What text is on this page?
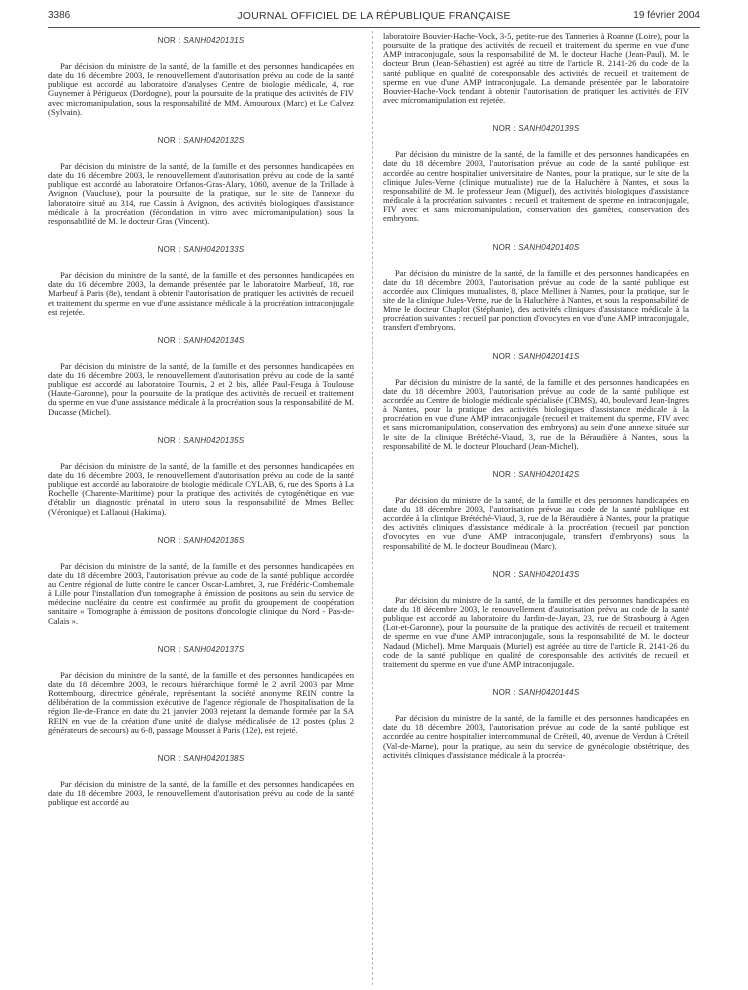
3386	JOURNAL OFFICIEL DE LA RÉPUBLIQUE FRANÇAISE	19 février 2004
NOR : SANH0420131S

Par décision du ministre de la santé, de la famille et des personnes handicapées en date du 16 décembre 2003, le renouvellement d'autorisation prévu au code de la santé publique est accordé au laboratoire d'analyses Centre de biologie médicale, 4, rue Guynemer à Périgueux (Dordogne), pour la poursuite de la pratique des activités de FIV avec micromanipulation, sous la responsabilité de MM. Amouroux (Marc) et Le Calvez (Sylvain).

NOR : SANH0420132S

Par décision du ministre de la santé, de la famille et des personnes handicapées en date du 16 décembre 2003, le renouvellement d'autorisation prévu au code de la santé publique est accordé au laboratoire Orfanos-Gras-Alary, 1060, avenue de la Trillade à Avignon (Vaucluse), pour la poursuite de la pratique, sur le site de l'annexe du laboratoire situé au 314, rue Cassin à Avignon, des activités biologiques d'assistance médicale à la procréation (fécondation in vitro avec micromanipulation) sous la responsabilité de M. le docteur Gras (Vincent).

NOR : SANH0420133S

Par décision du ministre de la santé, de la famille et des personnes handicapées en date du 16 décembre 2003, la demande présentée par le laboratoire Marbeuf, 18, rue Marbeuf à Paris (8e), tendant à obtenir l'autorisation de pratiquer les activités de recueil et traitement du sperme en vue d'une assistance médicale à la procréation intraconjugale est rejetée.

NOR : SANH0420134S

Par décision du ministre de la santé, de la famille et des personnes handicapées en date du 16 décembre 2003, le renouvellement d'autorisation prévu au code de la santé publique est accordé au laboratoire Tournis, 2 et 2 bis, allée Paul-Feuga à Toulouse (Haute-Garonne), pour la poursuite de la pratique des activités de recueil et traitement du sperme en vue d'une assistance médicale à la procréation sous la responsabilité de M. Ducasse (Michel).

NOR : SANH0420135S

Par décision du ministre de la santé, de la famille et des personnes handicapées en date du 16 décembre 2003, le renouvellement d'autorisation prévu au code de la santé publique est accordé au laboratoire de biologie médicale CYLAB, 6, rue des Sports à La Rochelle (Charente-Maritime) pour la pratique des activités de cytogénétique en vue d'établir un diagnostic prénatal in utero sous la responsabilité de Mmes Bellec (Véronique) et Lallaoui (Hakima).

NOR : SANH0420136S

Par décision du ministre de la santé, de la famille et des personnes handicapées en date du 18 décembre 2003, l'autorisation prévue au code de la santé publique accordée au Centre régional de lutte contre le cancer Oscar-Lambret, 3, rue Frédéric-Combemale à Lille pour l'installation d'un tomographe à émission de positons au sein du service de médecine nucléaire du centre est confirmée au profit du groupement de coopération sanitaire « Tomographe à émission de positons d'oncologie clinique du Nord - Pas-de-Calais ».

NOR : SANH0420137S

Par décision du ministre de la santé, de la famille et des personnes handicapées en date du 18 décembre 2003, le recours hiérarchique formé le 2 avril 2003 par Mme Rottembourg, directrice générale, représentant la société anonyme REIN contre la délibération de la commission exécutive de l'agence régionale de l'hospitalisation de la région Ile-de-France en date du 21 janvier 2003 rejetant la demande formée par la SA REIN en vue de la création d'une unité de dialyse médicalisée de 12 postes (plus 2 générateurs de secours) au 6-8, passage Mousset à Paris (12e), est rejeté.

NOR : SANH0420138S

Par décision du ministre de la santé, de la famille et des personnes handicapées en date du 18 décembre 2003, le renouvellement d'autorisation prévu au code de la santé publique est accordé au

laboratoire Bouvier-Hache-Vock, 3-5, petite-rue des Tanneries à Roanne (Loire), pour la poursuite de la pratique des activités de recueil et traitement du sperme en vue d'une AMP intraconjugale, sous la responsabilité de M. le docteur Hache (Jean-Paul). M. le docteur Brun (Jean-Sébastien) est agréé au titre de l'article R. 2141-26 du code de la santé publique en qualité de coresponsable des activités de recueil et traitement de sperme en vue d'une AMP intraconjugale. La demande présentée par le laboratoire Bouvier-Hache-Vock tendant à obtenir l'autorisation de pratiquer les activités de FIV avec micromanipulation est rejetée.

NOR : SANH0420139S

Par décision du ministre de la santé, de la famille et des personnes handicapées en date du 18 décembre 2003, l'autorisation prévue au code de la santé publique est accordée au centre hospitalier universitaire de Nantes, pour la pratique, sur le site de la clinique Jules-Verne (clinique mutualiste) rue de la Haluchère à Nantes, et sous la responsabilité de M. le professeur Jean (Miguel), des activités biologiques d'assistance médicale à la procréation suivantes : recueil et traitement de sperme en intraconjugale, FIV avec et sans micromanipulation, conservation des gamètes, conservation des embryons.

NOR : SANH0420140S

Par décision du ministre de la santé, de la famille et des personnes handicapées en date du 18 décembre 2003, l'autorisation prévue au code de la santé publique est accordée aux Cliniques mutualistes, 8, place Mellinet à Nantes, pour la pratique, sur le site de la clinique Jules-Verne, rue de la Haluchère à Nantes, et sous la responsabilité de Mme le docteur Chaplot (Stéphanie), des activités cliniques d'assistance médicale à la procréation suivantes : recueil par ponction d'ovocytes en vue d'une AMP intraconjugale, transfert d'embryons.

NOR : SANH0420141S

Par décision du ministre de la santé, de la famille et des personnes handicapées en date du 18 décembre 2003, l'autorisation prévue au code de la santé publique est accordée au Centre de biologie médicale spécialisée (CBMS), 40, boulevard Jean-Ingres à Nantes, pour la pratique des activités biologiques d'assistance médicale à la procréation en vue d'une AMP intraconjugale (recueil et traitement du sperme, FIV avec et sans micromanipulation, conservation des embryons) au sein d'une annexe située sur le site de la clinique Brétéché-Viaud, 3, rue de la Béraudière à Nantes, sous la responsabilité de M. le docteur Plouchard (Jean-Michel).

NOR : SANH0420142S

Par décision du ministre de la santé, de la famille et des personnes handicapées en date du 18 décembre 2003, l'autorisation prévue au code de la santé publique est accordée à la clinique Brétéché-Viaud, 3, rue de la Béraudière à Nantes, pour la pratique des activités cliniques d'assistance médicale à la procréation (recueil par ponction d'ovocytes en vue d'une AMP intraconjugale, transfert d'embryons) sous la responsabilité de M. le docteur Boudineau (Marc).

NOR : SANH0420143S

Par décision du ministre de la santé, de la famille et des personnes handicapées en date du 18 décembre 2003, le renouvellement d'autorisation prévu au code de la santé publique est accordé au laboratoire du Jardin-de-Jayan, 23, rue de Strasbourg à Agen (Lot-et-Garonne), pour la poursuite de la pratique des activités de recueil et traitement de sperme en vue d'une AMP intraconjugale, sous la responsabilité de M. le docteur Nadaud (Michel). Mme Marquais (Muriel) est agréée au titre de l'article R. 2141-26 du code de la santé publique en qualité de coresponsable des activités de recueil et traitement du sperme en vue d'une AMP intraconjugale.

NOR : SANH0420144S

Par décision du ministre de la santé, de la famille et des personnes handicapées en date du 18 décembre 2003, l'autorisation prévue au code de la santé publique est accordée au centre hospitalier intercommunal de Créteil, 40, avenue de Verdun à Créteil (Val-de-Marne), pour la pratique, au sein du service de gynécologie obstétrique, des activités cliniques d'assistance médicale à la procréa-
